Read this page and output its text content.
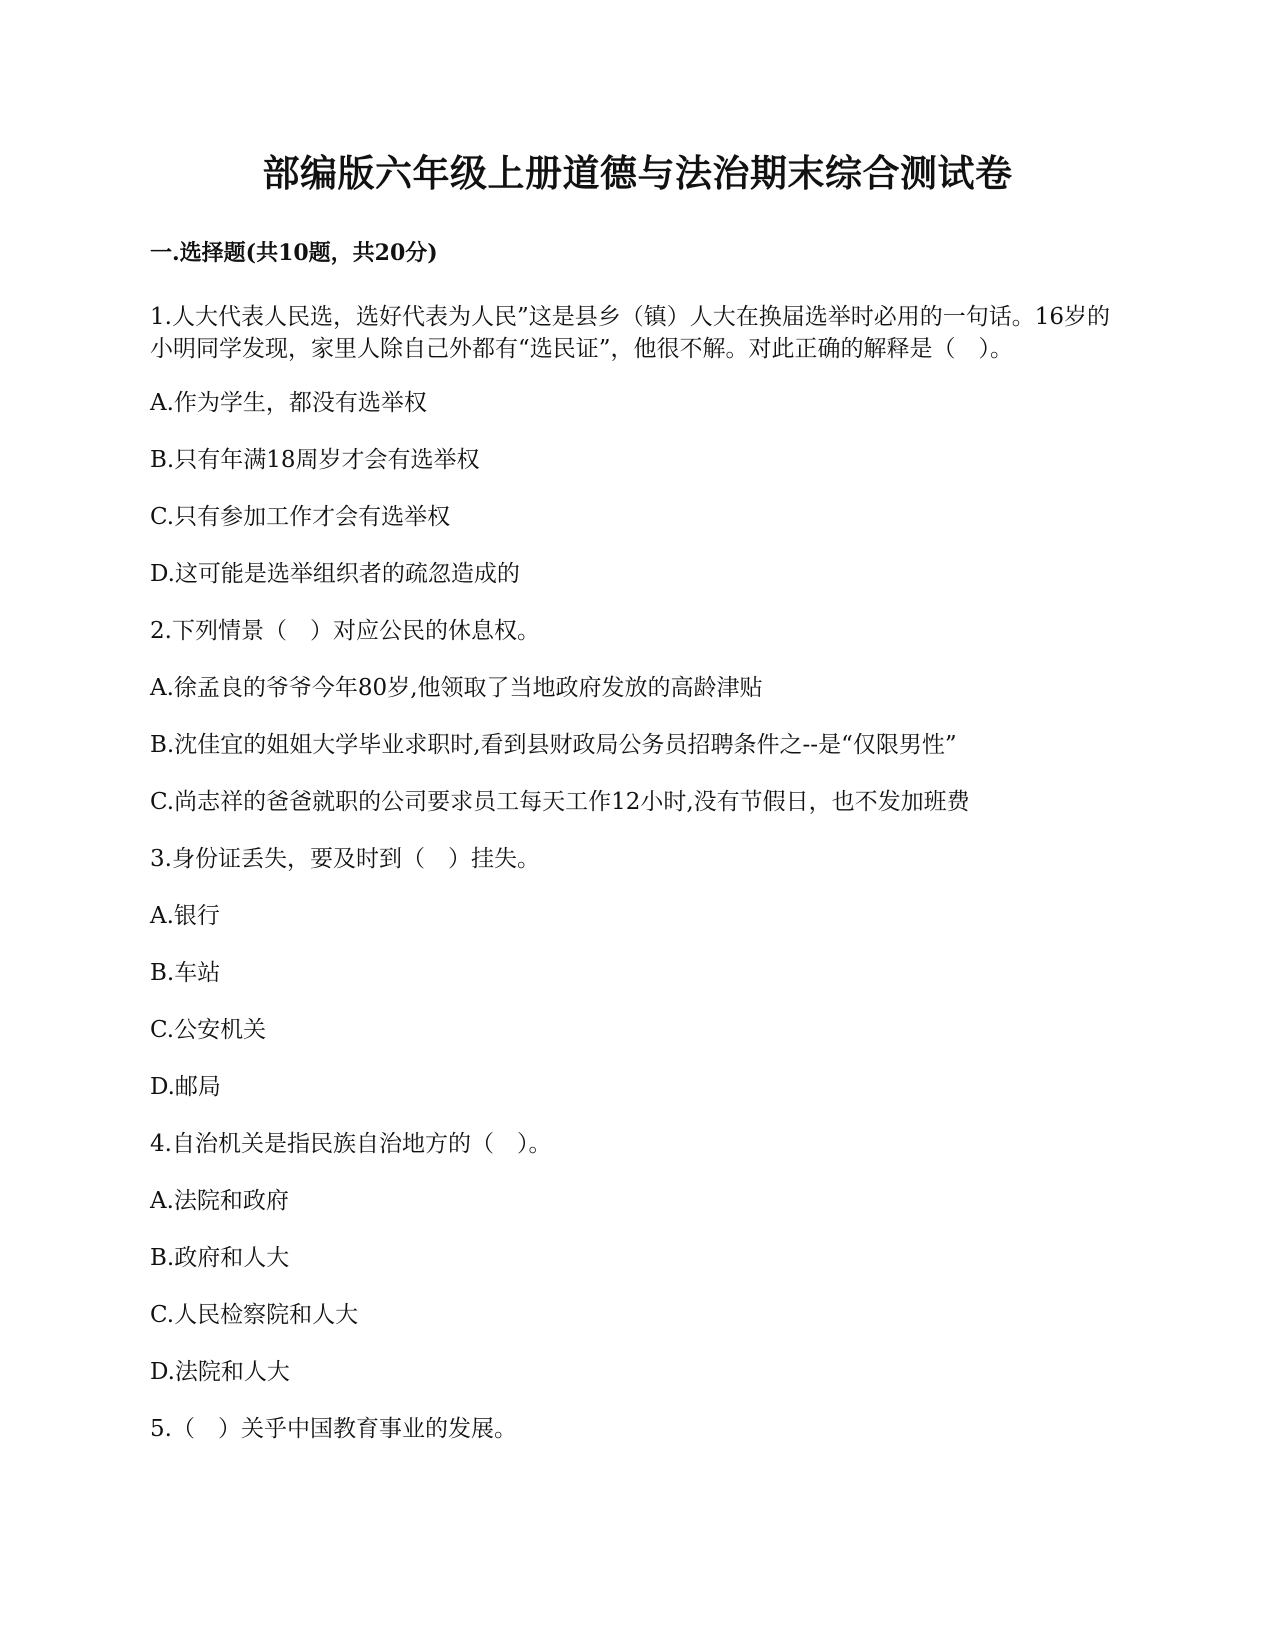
部编版六年级上册道德与法治期末综合测试卷
一.选择题(共10题，共20分)

1.人大代表人民选，选好代表为人民”这是县乡（镇）人大在换届选举时必用的一句话。16岁的小明同学发现，家里人除自己外都有“选民证”，他很不解。对此正确的解释是（　）。

A.作为学生，都没有选举权

B.只有年满18周岁才会有选举权

C.只有参加工作才会有选举权

D.这可能是选举组织者的疏忽造成的

2.下列情景（　）对应公民的休息权。

A.徐孟良的爷爷今年80岁,他领取了当地政府发放的高龄津贴

B.沈佳宜的姐姐大学毕业求职时,看到县财政局公务员招聘条件之--是“仅限男性”

C.尚志祥的爸爸就职的公司要求员工每天工作12小时,没有节假日，也不发加班费

3.身份证丢失，要及时到（　）挂失。

A.银行

B.车站

C.公安机关

D.邮局

4.自治机关是指民族自治地方的（　）。

A.法院和政府

B.政府和人大

C.人民检察院和人大

D.法院和人大

5.（　）关乎中国教育事业的发展。
